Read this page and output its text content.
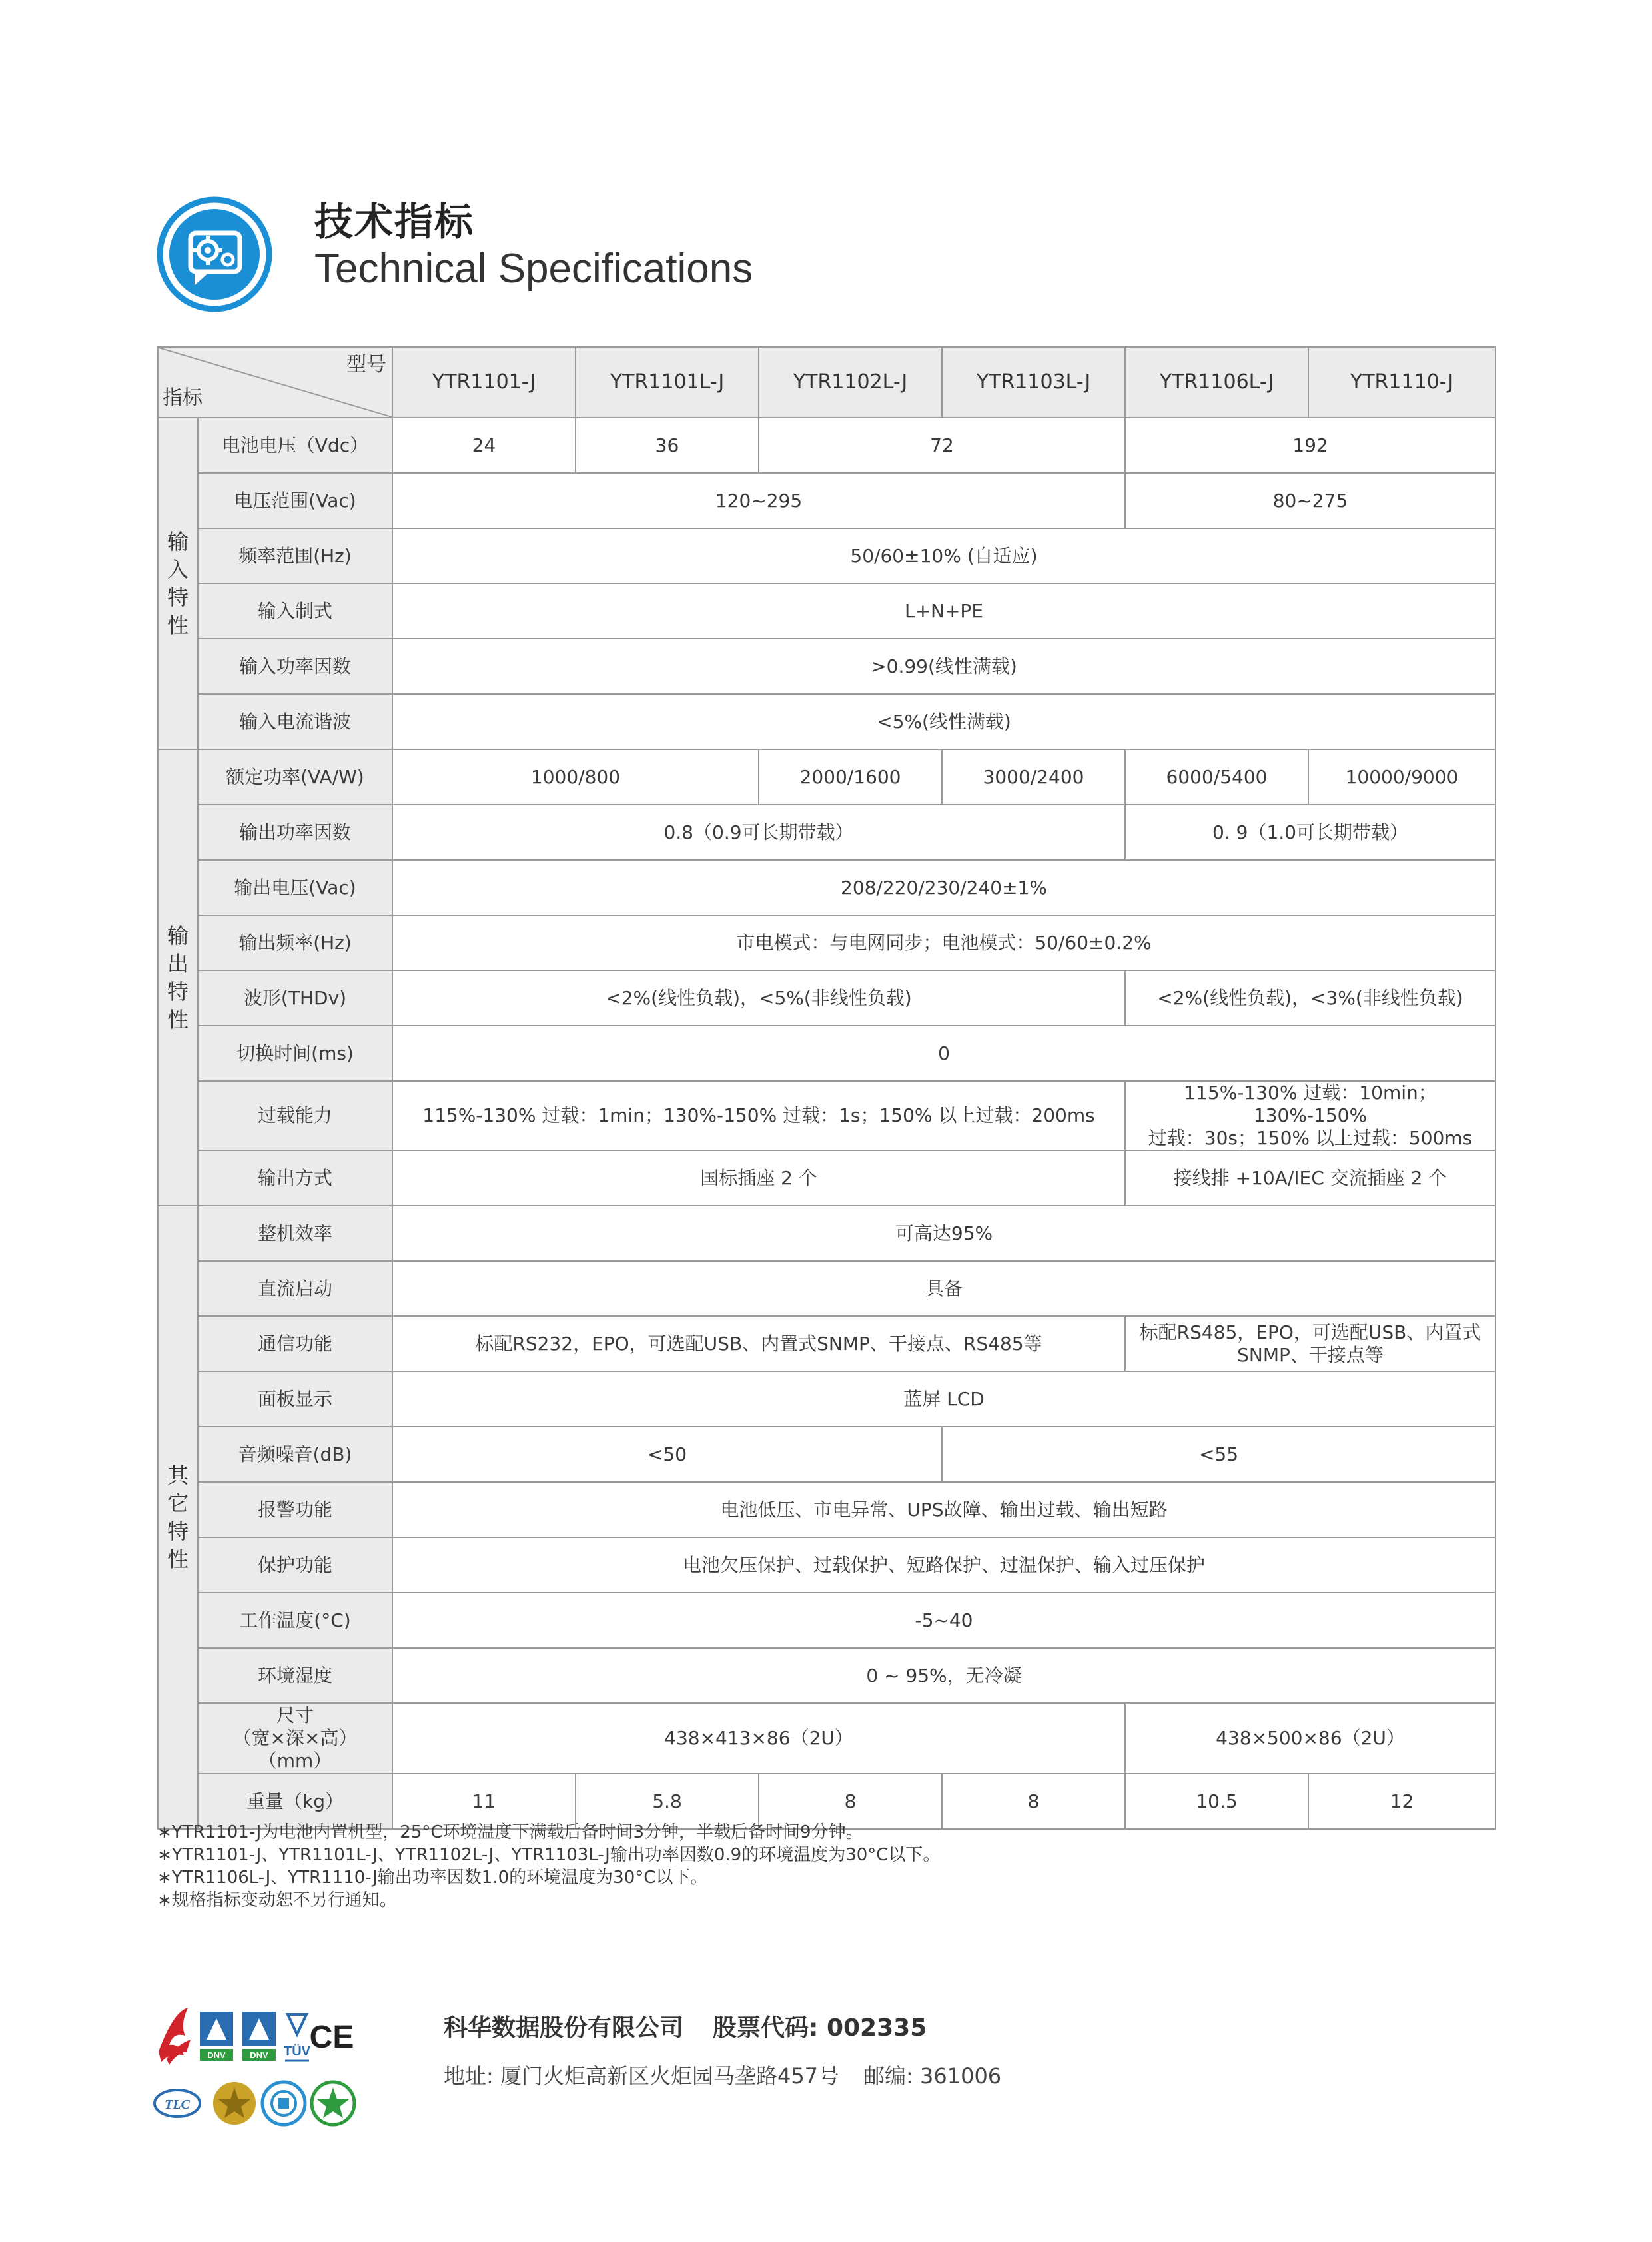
技术指标
Technical Specifications
型号
指标		YTR1101-J	YTR1101L-J	YTR1102L-J	YTR1103L-J	YTR1106L-J	YTR1110-J

输
入
特
性	电池电压（Vdc）	24	36	72		192	
	电压范围(Vac)	120~295				80~275	
	频率范围(Hz)	50/60±10% (自适应)					
	输入制式	L+N+PE					
	输入功率因数	>0.99(线性满载)					
	输入电流谐波	<5%(线性满载)					

输
出
特
性	额定功率(VA/W)	1000/800		2000/1600	3000/2400	6000/5400	10000/9000
	输出功率因数	0.8（0.9可长期带载）				0. 9（1.0可长期带载）	
	输出电压(Vac)	208/220/230/240±1%					
	输出频率(Hz)	市电模式：与电网同步；电池模式：50/60±0.2%					
	波形(THDv)	<2%(线性负载)，<5%(非线性负载)				<2%(线性负载)，<3%(非线性负载)	
	切换时间(ms)	0					
	过载能力	115%-130% 过载：1min；130%-150% 过载：1s；150% 以上过载：200ms				115%-130% 过载：10min；130%-150%
过载：30s；150% 以上过载：500ms	

	输出方式	国标插座 2 个				接线排 +10A/IEC 交流插座 2 个	

其
它
特
性	整机效率	可高达95%					
	直流启动	具备					
	通信功能	标配RS232，EPO，可选配USB、内置式SNMP、干接点、RS485等				标配RS485，EPO，可选配USB、内置式
SNMP、干接点等	

	面板显示	蓝屏 LCD					
	音频噪音(dB)	<50			<55		
	报警功能	电池低压、市电异常、UPS故障、输出过载、输出短路					
	保护功能	电池欠压保护、过载保护、短路保护、过温保护、输入过压保护					
	工作温度(°C)	-5~40					
	环境湿度	0 ~ 95%，无冷凝					

	尺寸
（宽×深×高）
（mm）	438×413×86（2U）				438×500×86（2U）	
	重量（kg）	11	5.8	8	8	10.5	12
∗YTR1101-J为电池内置机型，25°C环境温度下满载后备时间3分钟，半载后备时间9分钟。
∗YTR1101-J、YTR1101L-J、YTR1102L-J、YTR1103L-J输出功率因数0.9的环境温度为30°C以下。
∗YTR1106L-J、YTR1110-J输出功率因数1.0的环境温度为30°C以下。
∗规格指标变动恕不另行通知。
DNV	DNV TÜV
CE
TLC
科华数据股份有限公司 股票代码: 002335
地址: 厦门火炬高新区火炬园马垄路457号 邮编: 361006
